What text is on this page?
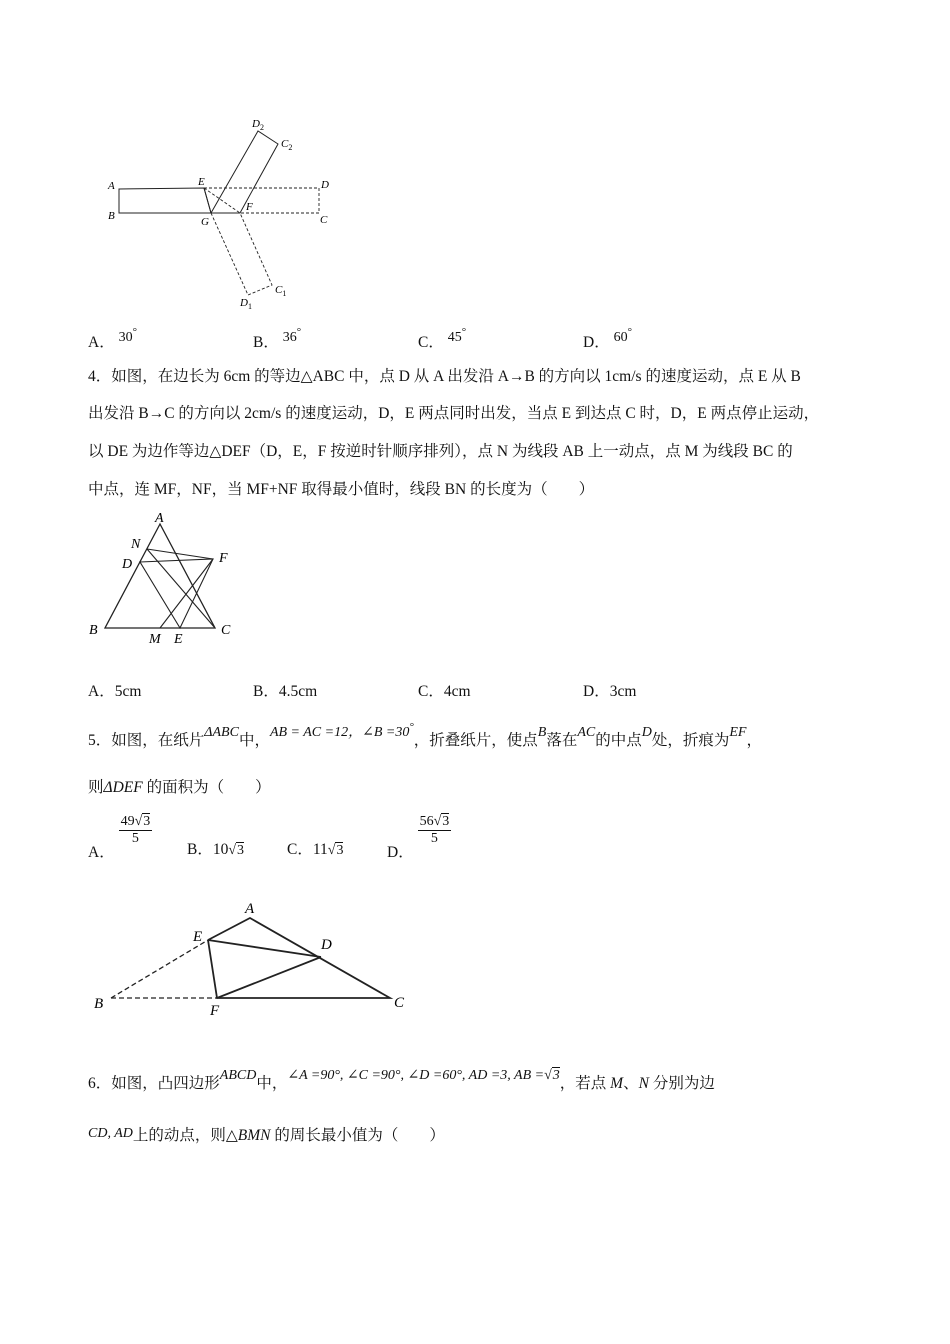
A
B
E
G
F
D
C
$D_2$
$C_2$
$D_1$
$C_1$
A． 30°
B． 36°
C． 45°
D． 60°
4．如图，在边长为 6cm 的等边△ABC 中，点 D 从 A 出发沿 A→B 的方向以 1cm/s 的速度运动，点 E 从 B
出发沿 B→C 的方向以 2cm/s 的速度运动，D，E 两点同时出发，当点 E 到达点 C 时，D，E 两点停止运动，
以 DE 为边作等边△DEF（D，E，F 按逆时针顺序排列），点 N 为线段 AB 上一动点，点 M 为线段 BC 的
中点，连 MF，NF，当 MF+NF 取得最小值时，线段 BN 的长度为（　　）
A
N
D	F
B
M E
C
A．5cm	B．4.5cm	C．4cm	D．3cm
5．如图，在纸片ΔABC中，AB = AC =12，∠B =30°，折叠纸片，使点B落在AC的中点D处，折痕为EF，
则ΔDEF 的面积为（　　）
A．
$\frac{49√3}{5}$
B．10√3	C．11√3	D．
$\frac{56√3}{5}$
A
E	D
B	F	C
6．如图，凸四边形ABCD中，∠A =90°, ∠C =90°, ∠D =60°, AD =3, AB =√3，若点 M、N 分别为边
CD, AD上的动点，则△BMN 的周长最小值为（　　）
